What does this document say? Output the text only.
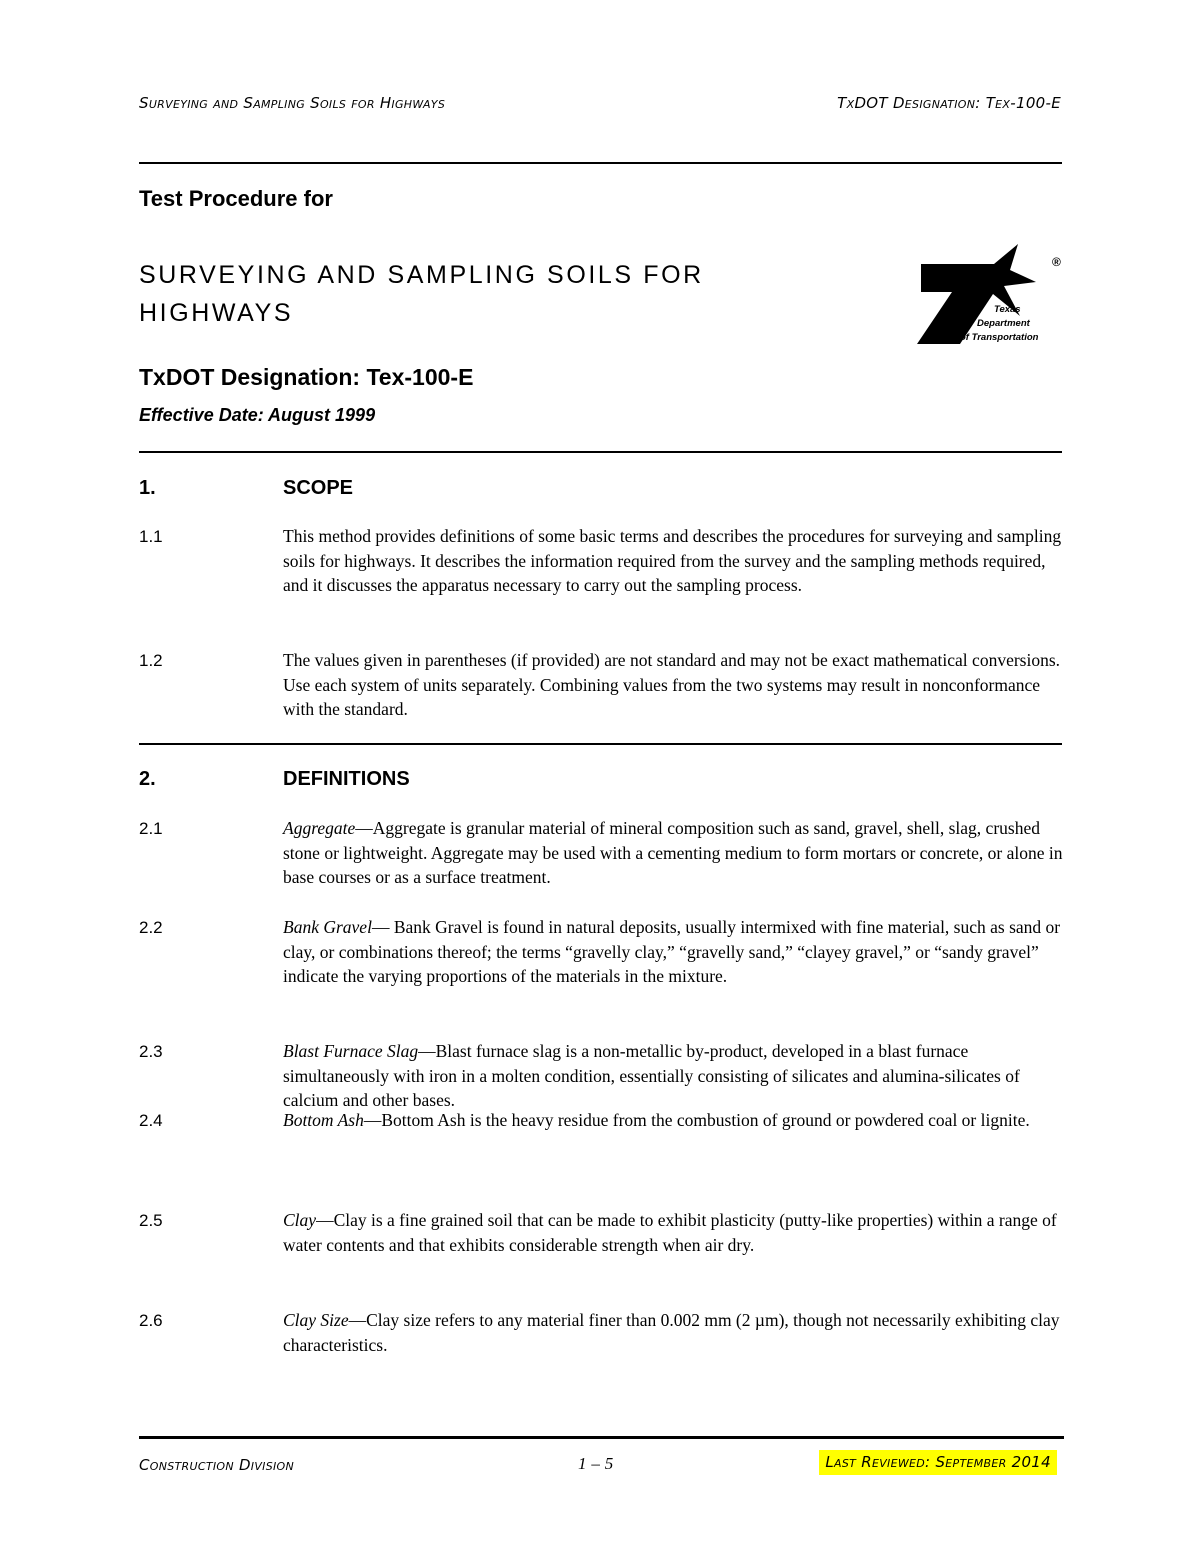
Surveying and Sampling Soils for Highways	TxDOT Designation: Tex-100-E
Test Procedure for
SURVEYING AND SAMPLING SOILS FOR
HIGHWAYS
®
Texas
Department
of Transportation
TxDOT Designation: Tex-100-E
Effective Date: August 1999
1.	SCOPE
1.1	This method provides definitions of some basic terms and describes the procedures for surveying and sampling soils for highways. It describes the information required from the survey and the sampling methods required, and it discusses the apparatus necessary to carry out the sampling process.
1.2	The values given in parentheses (if provided) are not standard and may not be exact mathematical conversions. Use each system of units separately. Combining values from the two systems may result in nonconformance with the standard.
2.	DEFINITIONS
2.1	Aggregate—Aggregate is granular material of mineral composition such as sand, gravel, shell, slag, crushed stone or lightweight. Aggregate may be used with a cementing medium to form mortars or concrete, or alone in base courses or as a surface treatment.
2.2	Bank Gravel— Bank Gravel is found in natural deposits, usually intermixed with fine material, such as sand or clay, or combinations thereof; the terms “gravelly clay,” “gravelly sand,” “clayey gravel,” or “sandy gravel” indicate the varying proportions of the materials in the mixture.
2.3	Blast Furnace Slag—Blast furnace slag is a non-metallic by-product, developed in a blast furnace simultaneously with iron in a molten condition, essentially consisting of silicates and alumina-silicates of calcium and other bases.
2.4	Bottom Ash—Bottom Ash is the heavy residue from the combustion of ground or powdered coal or lignite.
2.5	Clay—Clay is a fine grained soil that can be made to exhibit plasticity (putty-like properties) within a range of water contents and that exhibits considerable strength when air dry.
2.6	Clay Size—Clay size refers to any material finer than 0.002 mm (2 µm), though not necessarily exhibiting clay characteristics.
Construction Division	1 – 5	Last Reviewed: September 2014
